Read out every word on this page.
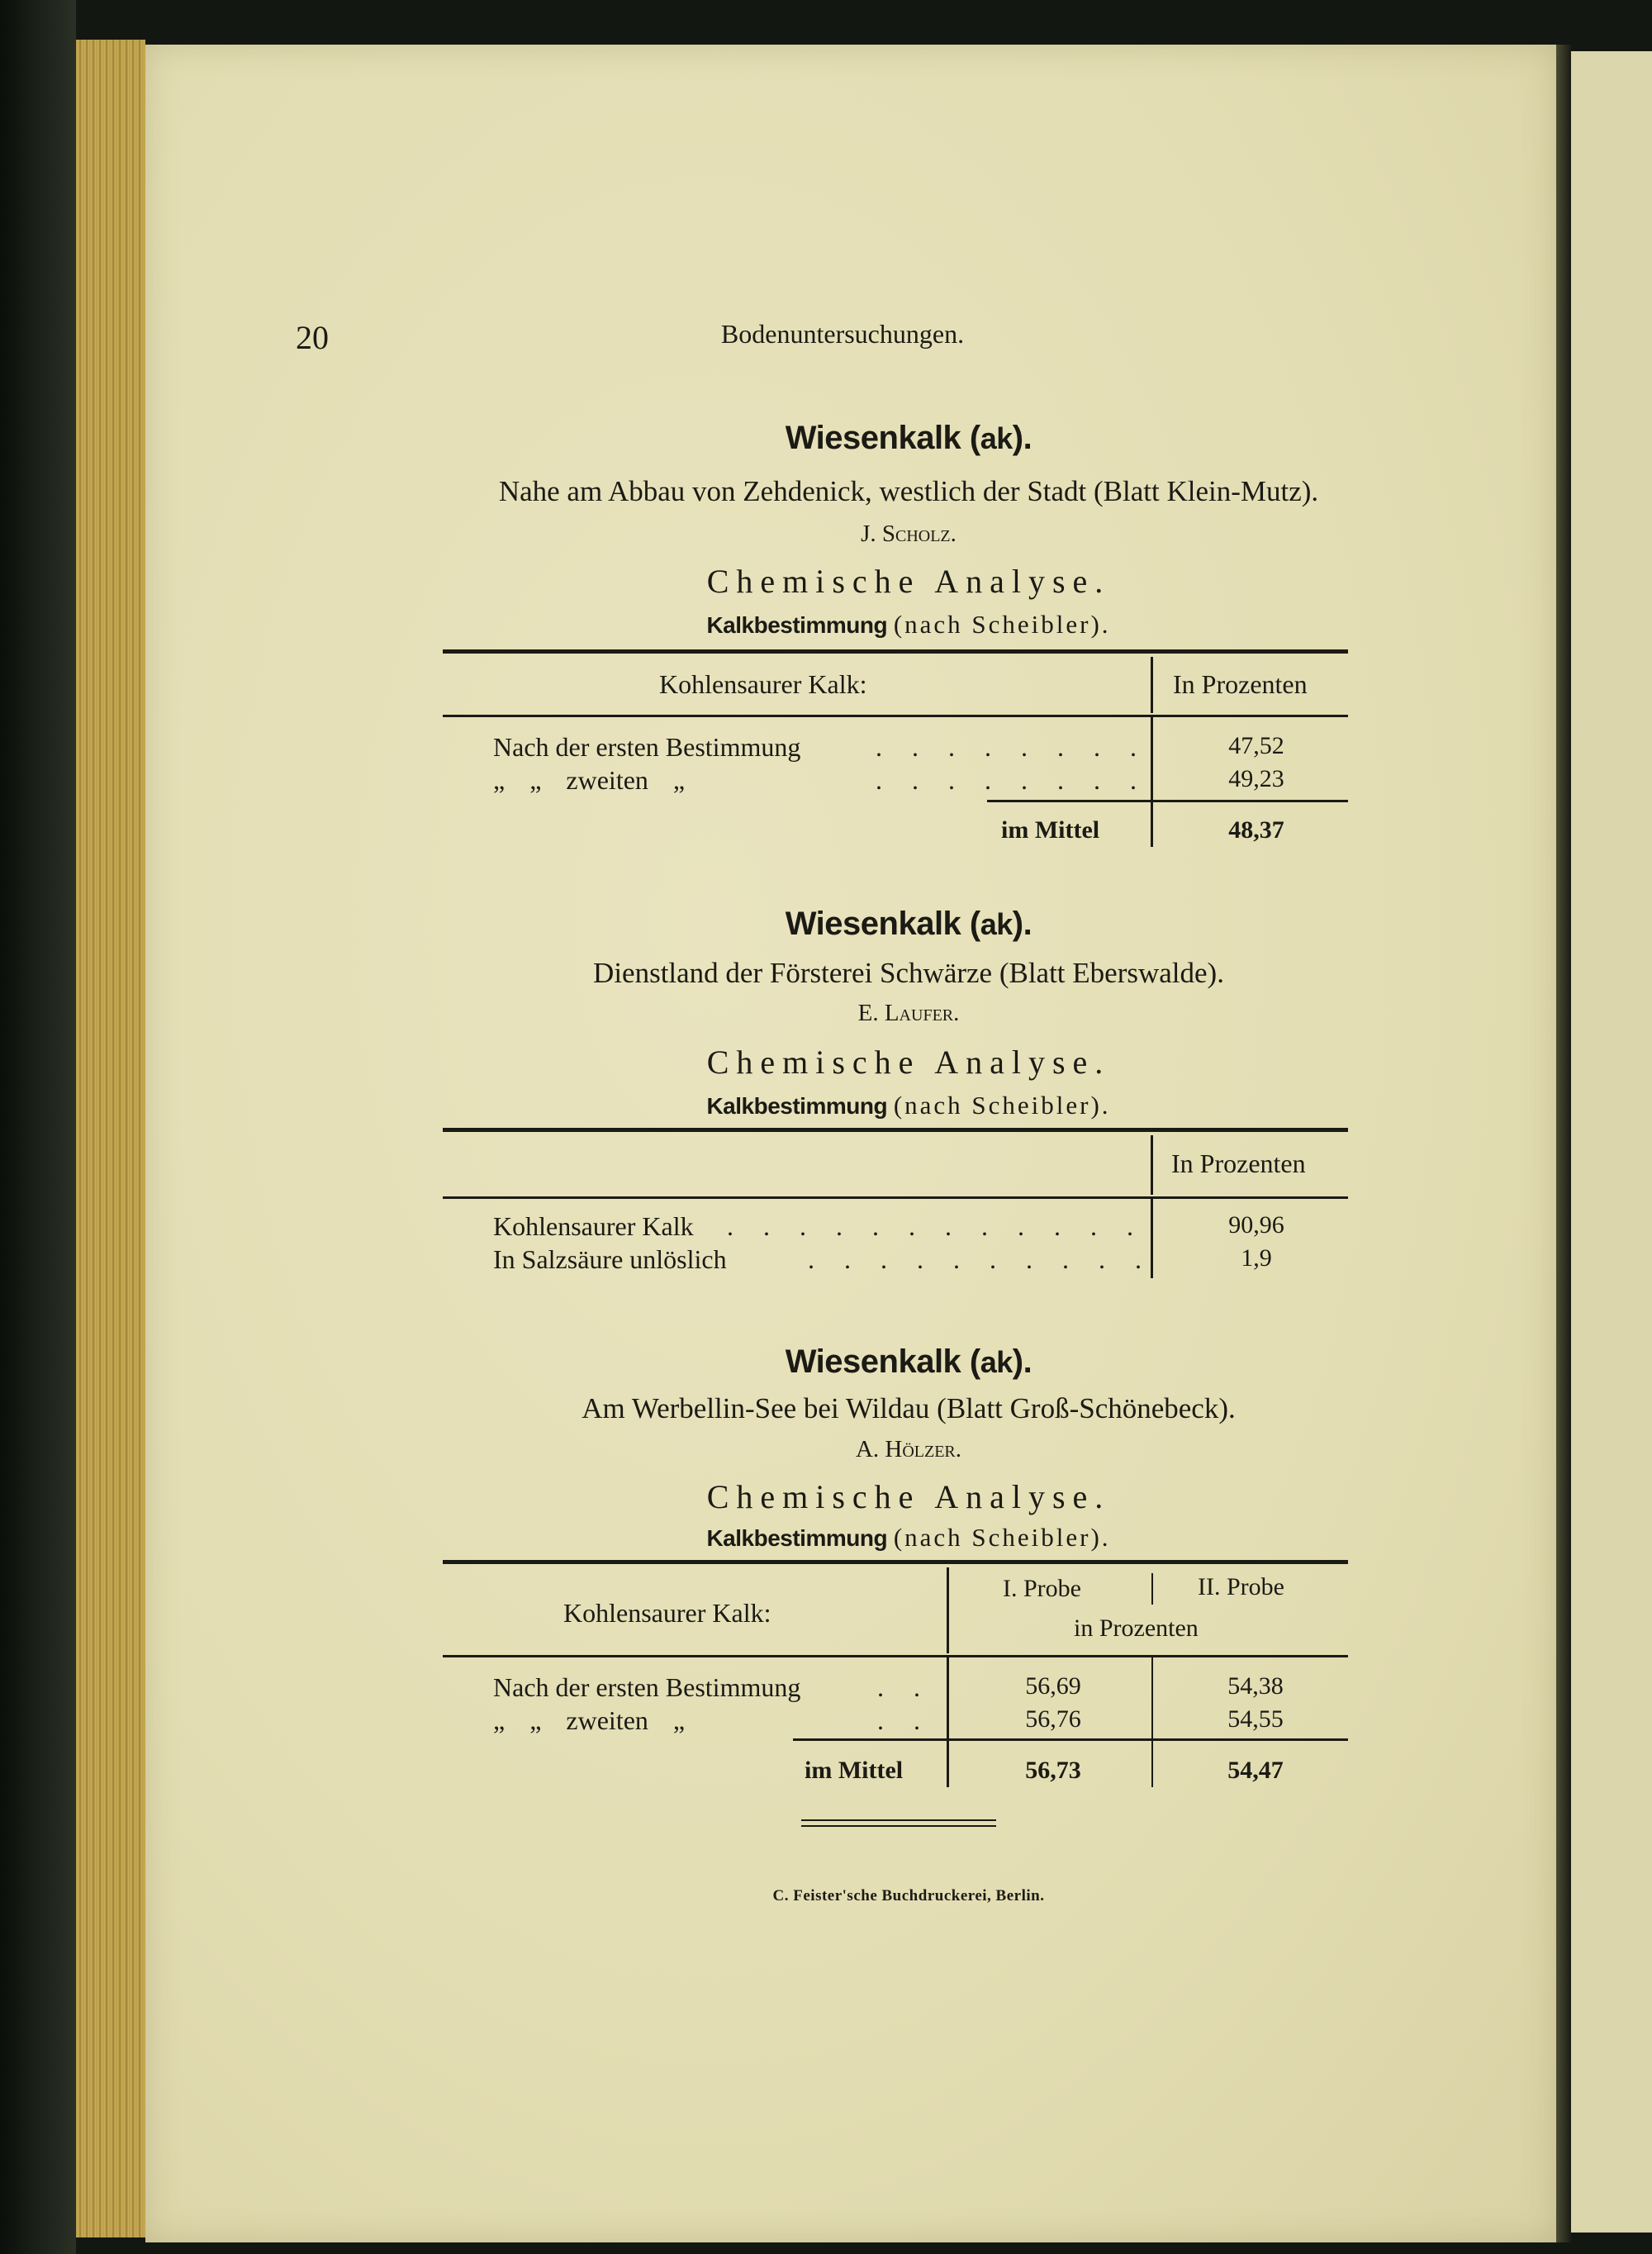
20	Bodenuntersuchungen.
Wiesenkalk (ak).
Nahe am Abbau von Zehdenick, westlich der Stadt (Blatt Klein-Mutz).
J. Scholz.
Chemische Analyse.
Kalkbestimmung (nach Scheibler).
Kohlensaurer Kalk:	In Prozenten
Nach der ersten Bestimmung	. . . . . . . .	47,52
„ „ zweiten „	. . . . . . . .	49,23
im Mittel	48,37
Wiesenkalk (ak).
Dienstland der Försterei Schwärze (Blatt Eberswalde).
E. Laufer.
Chemische Analyse.
Kalkbestimmung (nach Scheibler).
In Prozenten
Kohlensaurer Kalk . . . . . . . . . . . .	90,96
In Salzsäure unlöslich	. . . . . . . . . .	1,9
Wiesenkalk (ak).
Am Werbellin-See bei Wildau (Blatt Groß-Schönebeck).
A. Hölzer.
Chemische Analyse.
Kalkbestimmung (nach Scheibler).
Kohlensaurer Kalk:
I. Probe	II. Probe
in Prozenten
Nach der ersten Bestimmung	. .	56,69	54,38
„ „ zweiten „	. .	56,76	54,55
im Mittel	56,73	54,47
C. Feister'sche Buchdruckerei, Berlin.
